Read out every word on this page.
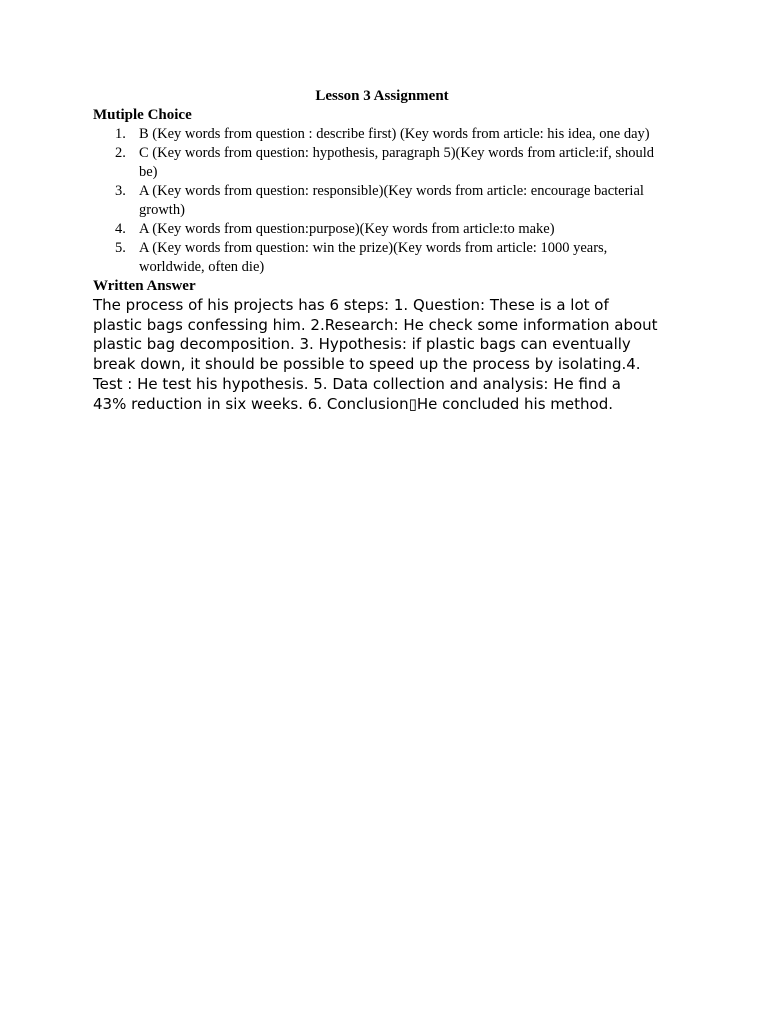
Lesson 3 Assignment
Mutiple Choice
1. B (Key words from question : describe first) (Key words from article: his idea, one day)
2. C (Key words from question: hypothesis, paragraph 5)(Key words from article:if, should be)
3. A (Key words from question: responsible)(Key words from article: encourage bacterial growth)
4. A (Key words from question:purpose)(Key words from article:to make)
5. A (Key words from question: win the prize)(Key words from article: 1000 years, worldwide, often die)
Written Answer

The process of his projects has 6 steps: 1. Question: These is a lot of plastic bags confessing him. 2.Research: He check some information about plastic bag decomposition. 3. Hypothesis: if plastic bags can eventually break down, it should be possible to speed up the process by isolating.4. Test : He test his hypothesis. 5. Data collection and analysis: He find a 43% reduction in six weeks. 6. Conclusion▯He concluded his method.
